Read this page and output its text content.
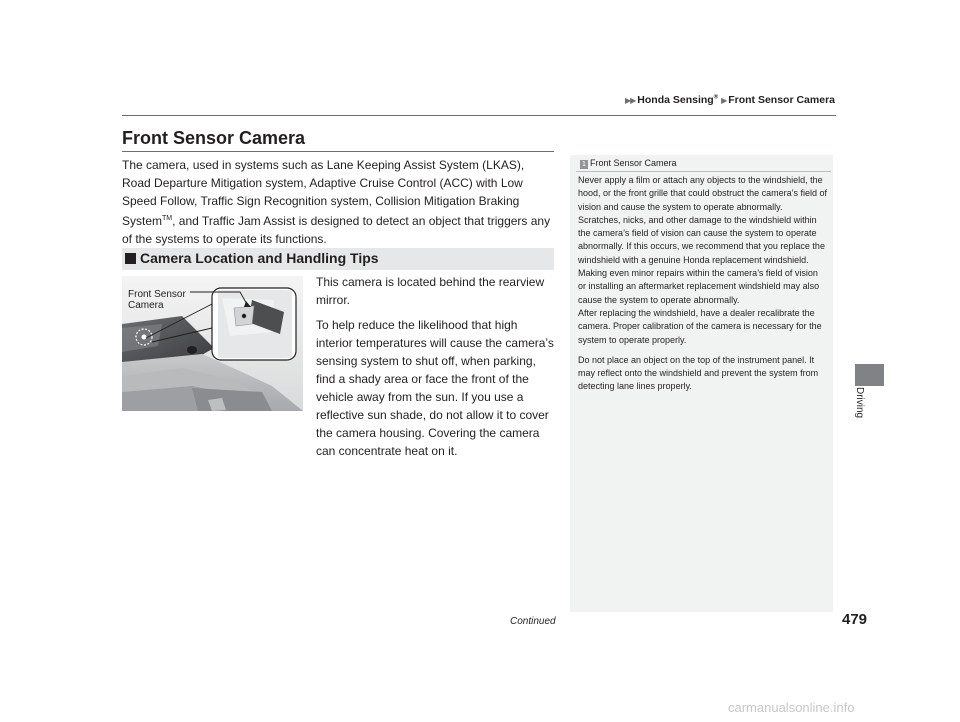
▶▶ Honda Sensing® ▶ Front Sensor Camera
Front Sensor Camera
The camera, used in systems such as Lane Keeping Assist System (LKAS), Road Departure Mitigation system, Adaptive Cruise Control (ACC) with Low Speed Follow, Traffic Sign Recognition system, Collision Mitigation Braking System™, and Traffic Jam Assist is designed to detect an object that triggers any of the systems to operate its functions.
Camera Location and Handling Tips
Front Sensor
Camera

This camera is located behind the rearview mirror.

To help reduce the likelihood that high interior temperatures will cause the camera’s sensing system to shut off, when parking, find a shady area or face the front of the vehicle away from the sun. If you use a reflective sun shade, do not allow it to cover the camera housing. Covering the camera can concentrate heat on it.

1 Front Sensor Camera

Never apply a film or attach any objects to the windshield, the hood, or the front grille that could obstruct the camera’s field of vision and cause the system to operate abnormally.

Scratches, nicks, and other damage to the windshield within the camera’s field of vision can cause the system to operate abnormally. If this occurs, we recommend that you replace the windshield with a genuine Honda replacement windshield. Making even minor repairs within the camera’s field of vision or installing an aftermarket replacement windshield may also cause the system to operate abnormally.

After replacing the windshield, have a dealer recalibrate the camera. Proper calibration of the camera is necessary for the system to operate properly.

Do not place an object on the top of the instrument panel. It may reflect onto the windshield and prevent the system from detecting lane lines properly.

Driving
Continued	479
carmanualsonline.info
